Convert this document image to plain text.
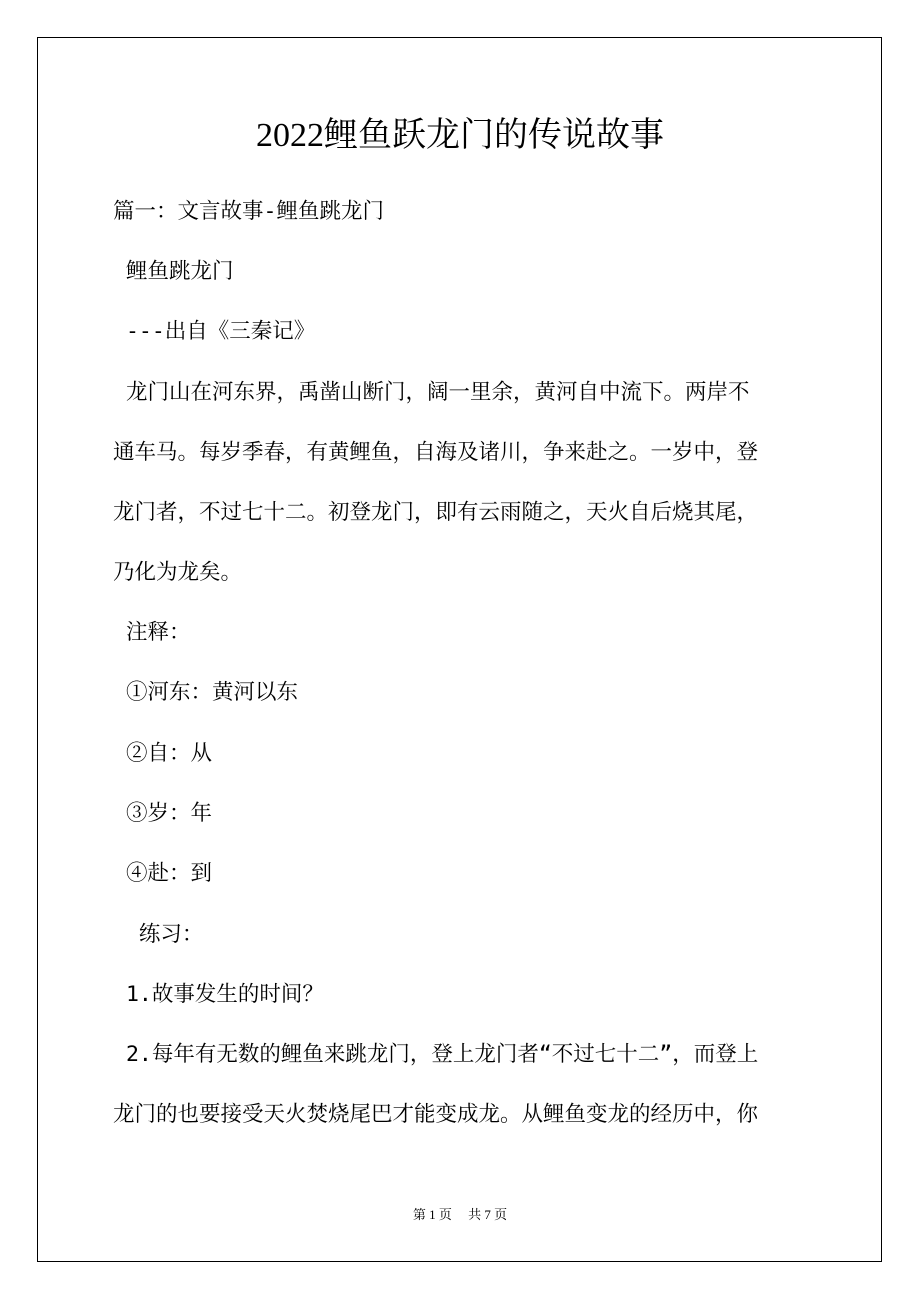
2022鲤鱼跃龙门的传说故事

篇一：文言故事-鲤鱼跳龙门

鲤鱼跳龙门

---出自《三秦记》

龙门山在河东界，禹凿山断门，阔一里余，黄河自中流下。两岸不

通车马。每岁季春，有黄鲤鱼，自海及诸川，争来赴之。一岁中，登

龙门者，不过七十二。初登龙门，即有云雨随之，天火自后烧其尾，

乃化为龙矣。

注释：

①河东：黄河以东

②自：从

③岁：年

④赴：到

练习：

1.故事发生的时间？

2.每年有无数的鲤鱼来跳龙门，登上龙门者“不过七十二”，而登上

龙门的也要接受天火焚烧尾巴才能变成龙。从鲤鱼变龙的经历中，你

第 1 页 共 7 页
